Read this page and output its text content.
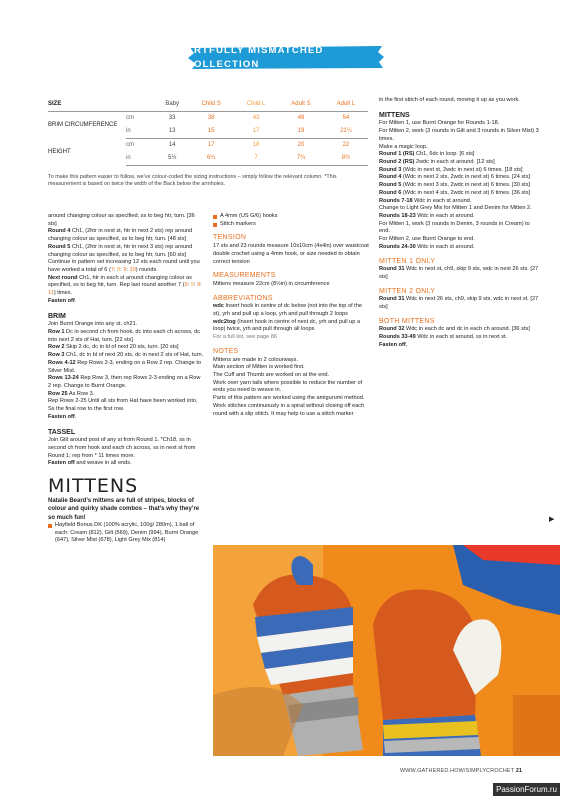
ARTFULLY MISMATCHED COLLECTION
SIZE		Baby	Child S	Child L	Adult S	Adult L
BRIM CIRCUMFERENCE	cm	33	38	43	48	54
	in	13	15	17	19	21¼
HEIGHT	cm	14	17	18	20	22
	in	5½	6¾	7	7¾	8½
To make this pattern easier to follow, we’ve colour-coded the sizing instructions – simply follow the relevant column. *This measurement is based on twice the width of the Back below the armholes.

around changing colour as specified, ss to beg htr, turn. [36 sts]

Round 4 Ch1, (2htr in next st, htr in next 2 sts) rep around changing colour as specified, ss to beg htr, turn. [48 sts]

Round 5 Ch1, (2htr in next st, htr in next 3 sts) rep around changing colour as specified, ss to beg htr, turn. [60 sts]

Continue in pattern set increasing 12 sts each round until you have worked a total of 6 (7: 8: 9: 10) rounds.

Next round Ch1, htr in each st around changing colour as specified, ss to beg htr, turn. Rep last round another 7 (9: 9: 9: 11) times.

Fasten off.

BRIM

Join Burnt Orange into any st, ch21.

Row 1 Dc in second ch from hook, dc into each ch across, dc into next 2 sts of Hat, turn. [22 sts]

Row 2 Skip 2 dc, dc in bl of next 20 sts, turn. [20 sts]

Row 3 Ch1, dc in bl of next 20 sts, dc in next 2 sts of Hat, turn.

Rows 4-12 Rep Rows 2-3, ending on a Row 2 rep. Change to Silver Mist.

Rows 13-24 Rep Row 3, then rep Rows 2-3 ending on a Row 2 rep. Change to Burnt Orange.

Row 25 As Row 3.

Rep Rows 2-25 Until all sts from Hat have been worked into.

Ss the final row to the first row.

Fasten off.

TASSEL

Join Gilt around post of any st from Round 1. *Ch18, ss in second ch from hook and each ch across, ss in next st from Round 1; rep from * 11 times more.

Fasten off and weave in all ends.

MITTENS

Natalie Beard’s mittens are full of stripes, blocks of colour and quirky shade combos – that’s why they’re so much fun!

Hayfield Bonus DK (100% acrylic, 100g/ 280m), 1 ball of each: Cream (812), Gilt (569), Denim (994), Burnt Orange (647), Silver Mist (678), Light Grey Mix (814)
A 4mm (US G/6) hooks
Stitch markers

TENSION

17 sts and 23 rounds measure 10x10cm (4x4in) over waistcoat double crochet using a 4mm hook, or size needed to obtain correct tension

MEASUREMENTS

Mittens measure 22cm (8½in) in circumference

ABBREVIATIONS

wdc Insert hook in centre of dc below (not into the top of the st), yrh and pull up a loop, yrh and pull through 2 loops

wdc2tog (Insert hook in centre of next dc, yrh and pull up a loop) twice, yrh and pull through all loops

For a full list, see page 86

NOTES

Mittens are made in 2 colourways.

Main section of Mitten is worked first.

The Cuff and Thumb are worked on at the end.

Work over yarn tails where possible to reduce the number of ends you need to weave in.

Parts of this pattern are worked using the amigurumi method. Work stitches continuously in a spiral without closing off each round with a slip stitch. It may help to use a stitch marker

in the first stitch of each round, moving it up as you work.

MITTENS

For Mitten 1, use Burnt Orange for Rounds 1-18.

For Mitten 2, work (3 rounds in Gilt and 3 rounds in Silver Mist) 3 times.

Make a magic loop.

Round 1 (RS) Ch1, 6dc in loop. [6 sts]

Round 2 (RS) 2wdc in each st around. [12 sts]

Round 3 (Wdc in next st, 2wdc in next st) 6 times. [18 sts]

Round 4 (Wdc in next 2 sts, 2wdc in next st) 6 times. [24 sts]

Round 5 (Wdc in next 3 sts, 2wdc in next st) 6 times. [30 sts]

Round 6 (Wdc in next 4 sts, 2wdc in next st) 6 times. [36 sts]

Rounds 7-18 Wdc in each st around.

Change to Light Grey Mix for Mitten 1 and Denim for Mitten 2.

Rounds 18-23 Wdc in each st around.

For Mitten 1, work (3 rounds in Denim, 3 rounds in Cream) to end.

For Mitten 2, use Burnt Orange to end.

Rounds 24-30 Wdc in each st around.

MITTEN 1 ONLY

Round 31 Wdc in next st, ch9, skip 9 sts, wdc in next 26 sts. [27 sts]

MITTEN 2 ONLY

Round 31 Wdc in next 26 sts, ch9, skip 9 sts, wdc in next st. [27 sts]

BOTH MITTENS

Round 32 Wdc in each dc and dc in each ch around. [36 sts]

Rounds 33-49 Wdc in each st around, ss in next st.

Fasten off.

▶
WWW.GATHERED.HOW/SIMPLYCROCHET 21
PassionForum.ru
